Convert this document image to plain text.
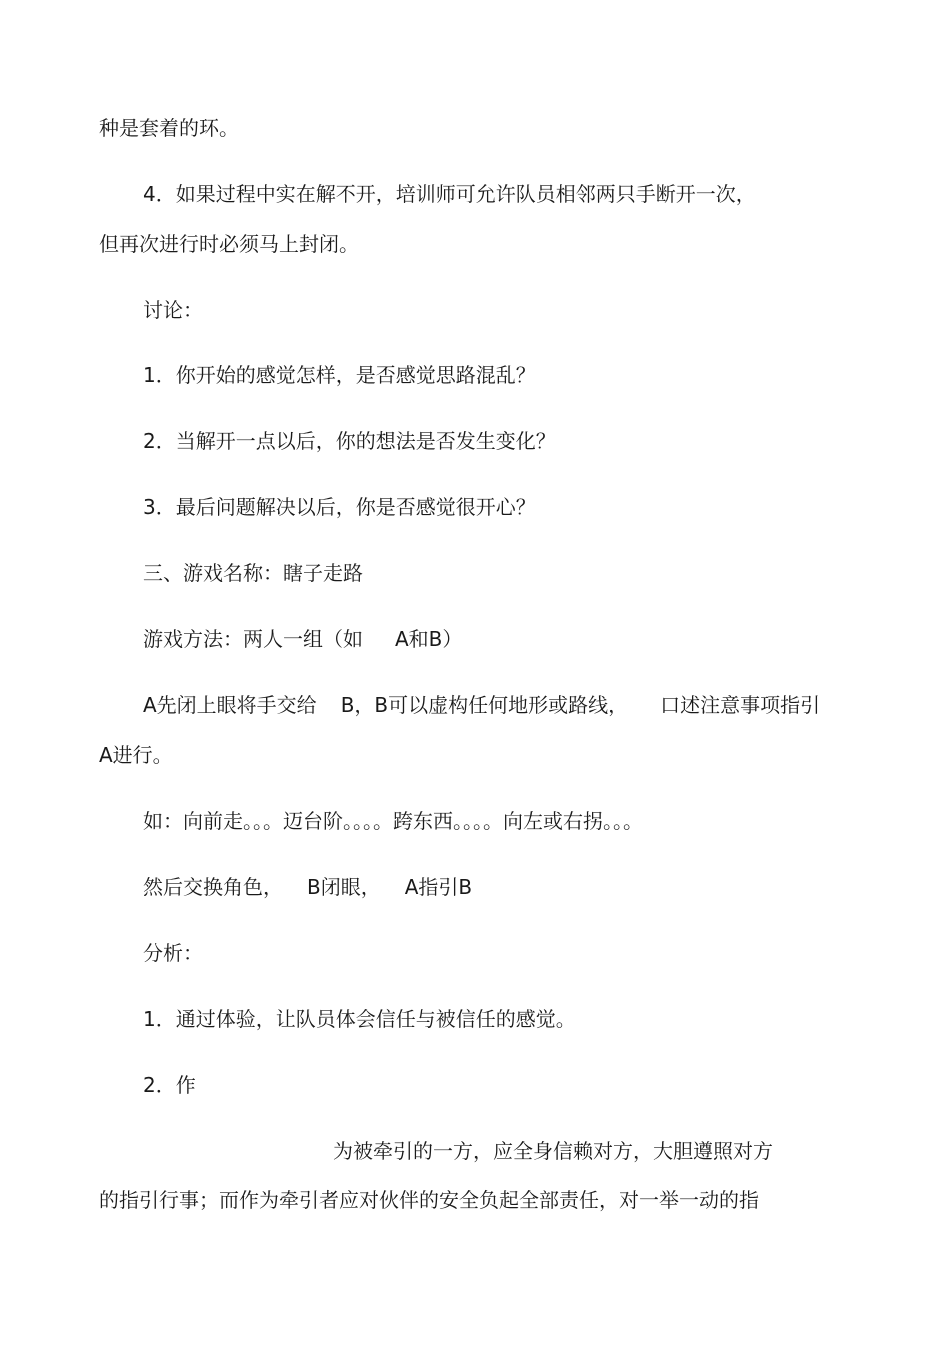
种是套着的环。
4．如果过程中实在解不开，培训师可允许队员相邻两只手断开一次，
但再次进行时必须马上封闭。
讨论：
1．你开始的感觉怎样，是否感觉思路混乱？
2．当解开一点以后，你的想法是否发生变化？
3．最后问题解决以后，你是否感觉很开心？
三、游戏名称：瞎子走路
游戏方法：两人一组（如 A和B）
A先闭上眼将手交给 B，B可以虚构任何地形或路线， 口述注意事项指引
A进行。
如：向前走。。。迈台阶。。。。跨东西。。。。向左或右拐。。。
然后交换角色， B闭眼， A指引B
分析：
1．通过体验，让队员体会信任与被信任的感觉。
2．作
为被牵引的一方，应全身信赖对方，大胆遵照对方
的指引行事；而作为牵引者应对伙伴的安全负起全部责任，对一举一动的指
